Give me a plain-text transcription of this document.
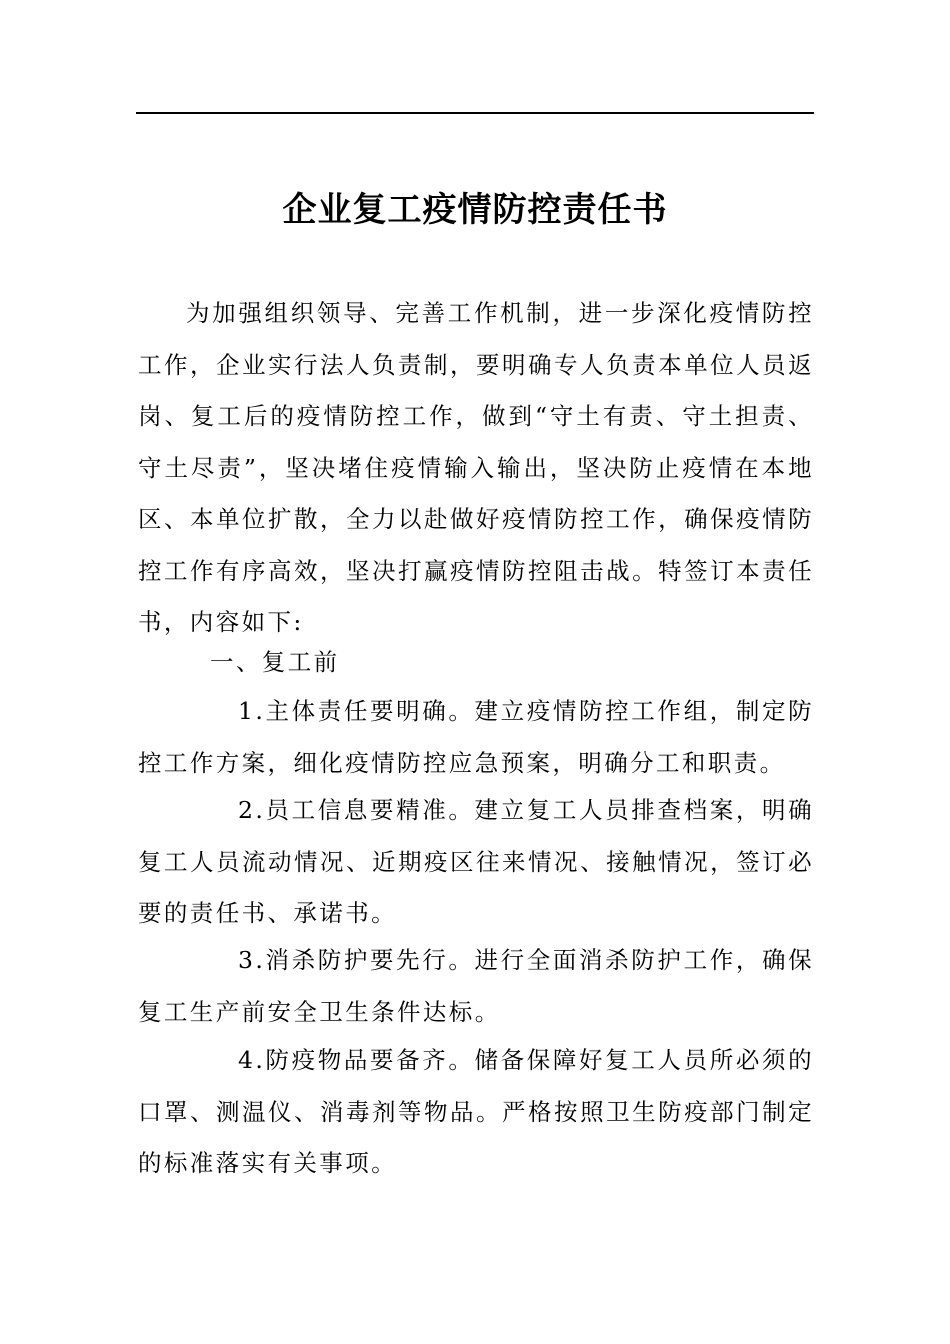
企业复工疫情防控责任书

为加强组织领导、完善工作机制，进一步深化疫情防控工作，企业实行法人负责制，要明确专人负责本单位人员返岗、复工后的疫情防控工作，做到“守土有责、守土担责、守土尽责”，坚决堵住疫情输入输出，坚决防止疫情在本地区、本单位扩散，全力以赴做好疫情防控工作，确保疫情防控工作有序高效，坚决打赢疫情防控阻击战。特签订本责任书，内容如下:

一、复工前

1.主体责任要明确。建立疫情防控工作组，制定防控工作方案，细化疫情防控应急预案，明确分工和职责。

2.员工信息要精准。建立复工人员排查档案，明确复工人员流动情况、近期疫区往来情况、接触情况，签订必要的责任书、承诺书。

3.消杀防护要先行。进行全面消杀防护工作，确保复工生产前安全卫生条件达标。

4.防疫物品要备齐。储备保障好复工人员所必须的口罩、测温仪、消毒剂等物品。严格按照卫生防疫部门制定的标准落实有关事项。
